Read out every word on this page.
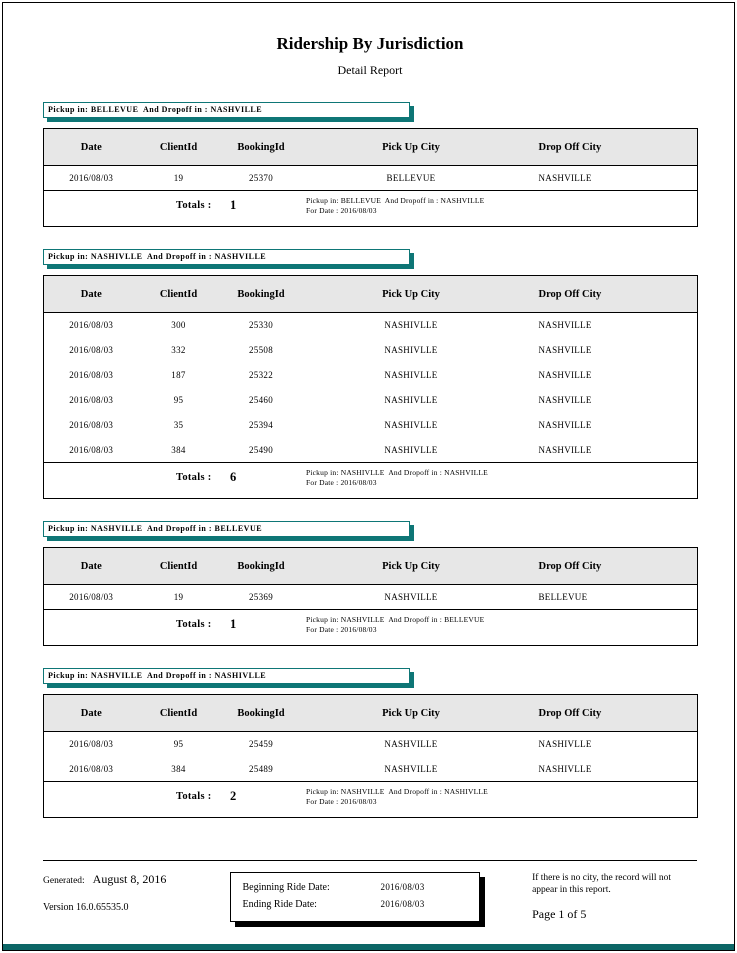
Ridership By Jurisdiction
Detail Report
Pickup in: BELLEVUE  And Dropoff in : NASHVILLE
Date	ClientId	BookingId	Pick Up City	Drop Off City
2016/08/03	19	25370	BELLEVUE	NASHVILLE

Totals : 1 Pickup in: BELLEVUE  And Dropoff in : NASHVILLE
For Date : 2016/08/03				
Pickup in: NASHIVLLE  And Dropoff in : NASHVILLE
Date	ClientId	BookingId	Pick Up City	Drop Off City
2016/08/03	300	25330	NASHIVLLE	NASHVILLE
2016/08/03	332	25508	NASHIVLLE	NASHVILLE
2016/08/03	187	25322	NASHIVLLE	NASHVILLE
2016/08/03	95	25460	NASHIVLLE	NASHVILLE
2016/08/03	35	25394	NASHIVLLE	NASHVILLE
2016/08/03	384	25490	NASHIVLLE	NASHVILLE

Totals : 6 Pickup in: NASHIVLLE  And Dropoff in : NASHVILLE
For Date : 2016/08/03				
Pickup in: NASHVILLE  And Dropoff in : BELLEVUE
Date	ClientId	BookingId	Pick Up City	Drop Off City
2016/08/03	19	25369	NASHVILLE	BELLEVUE

Totals : 1 Pickup in: NASHVILLE  And Dropoff in : BELLEVUE
For Date : 2016/08/03				
Pickup in: NASHVILLE  And Dropoff in : NASHIVLLE
Date	ClientId	BookingId	Pick Up City	Drop Off City
2016/08/03	95	25459	NASHVILLE	NASHIVLLE
2016/08/03	384	25489	NASHVILLE	NASHIVLLE

Totals : 2 Pickup in: NASHVILLE  And Dropoff in : NASHIVLLE
For Date : 2016/08/03				
Generated: August 8, 2016
Version 16.0.65535.0
Beginning Ride Date:	2016/08/03
Ending Ride Date:	2016/08/03
If there is no city, the record will not appear in this report.
Page 1 of 5
